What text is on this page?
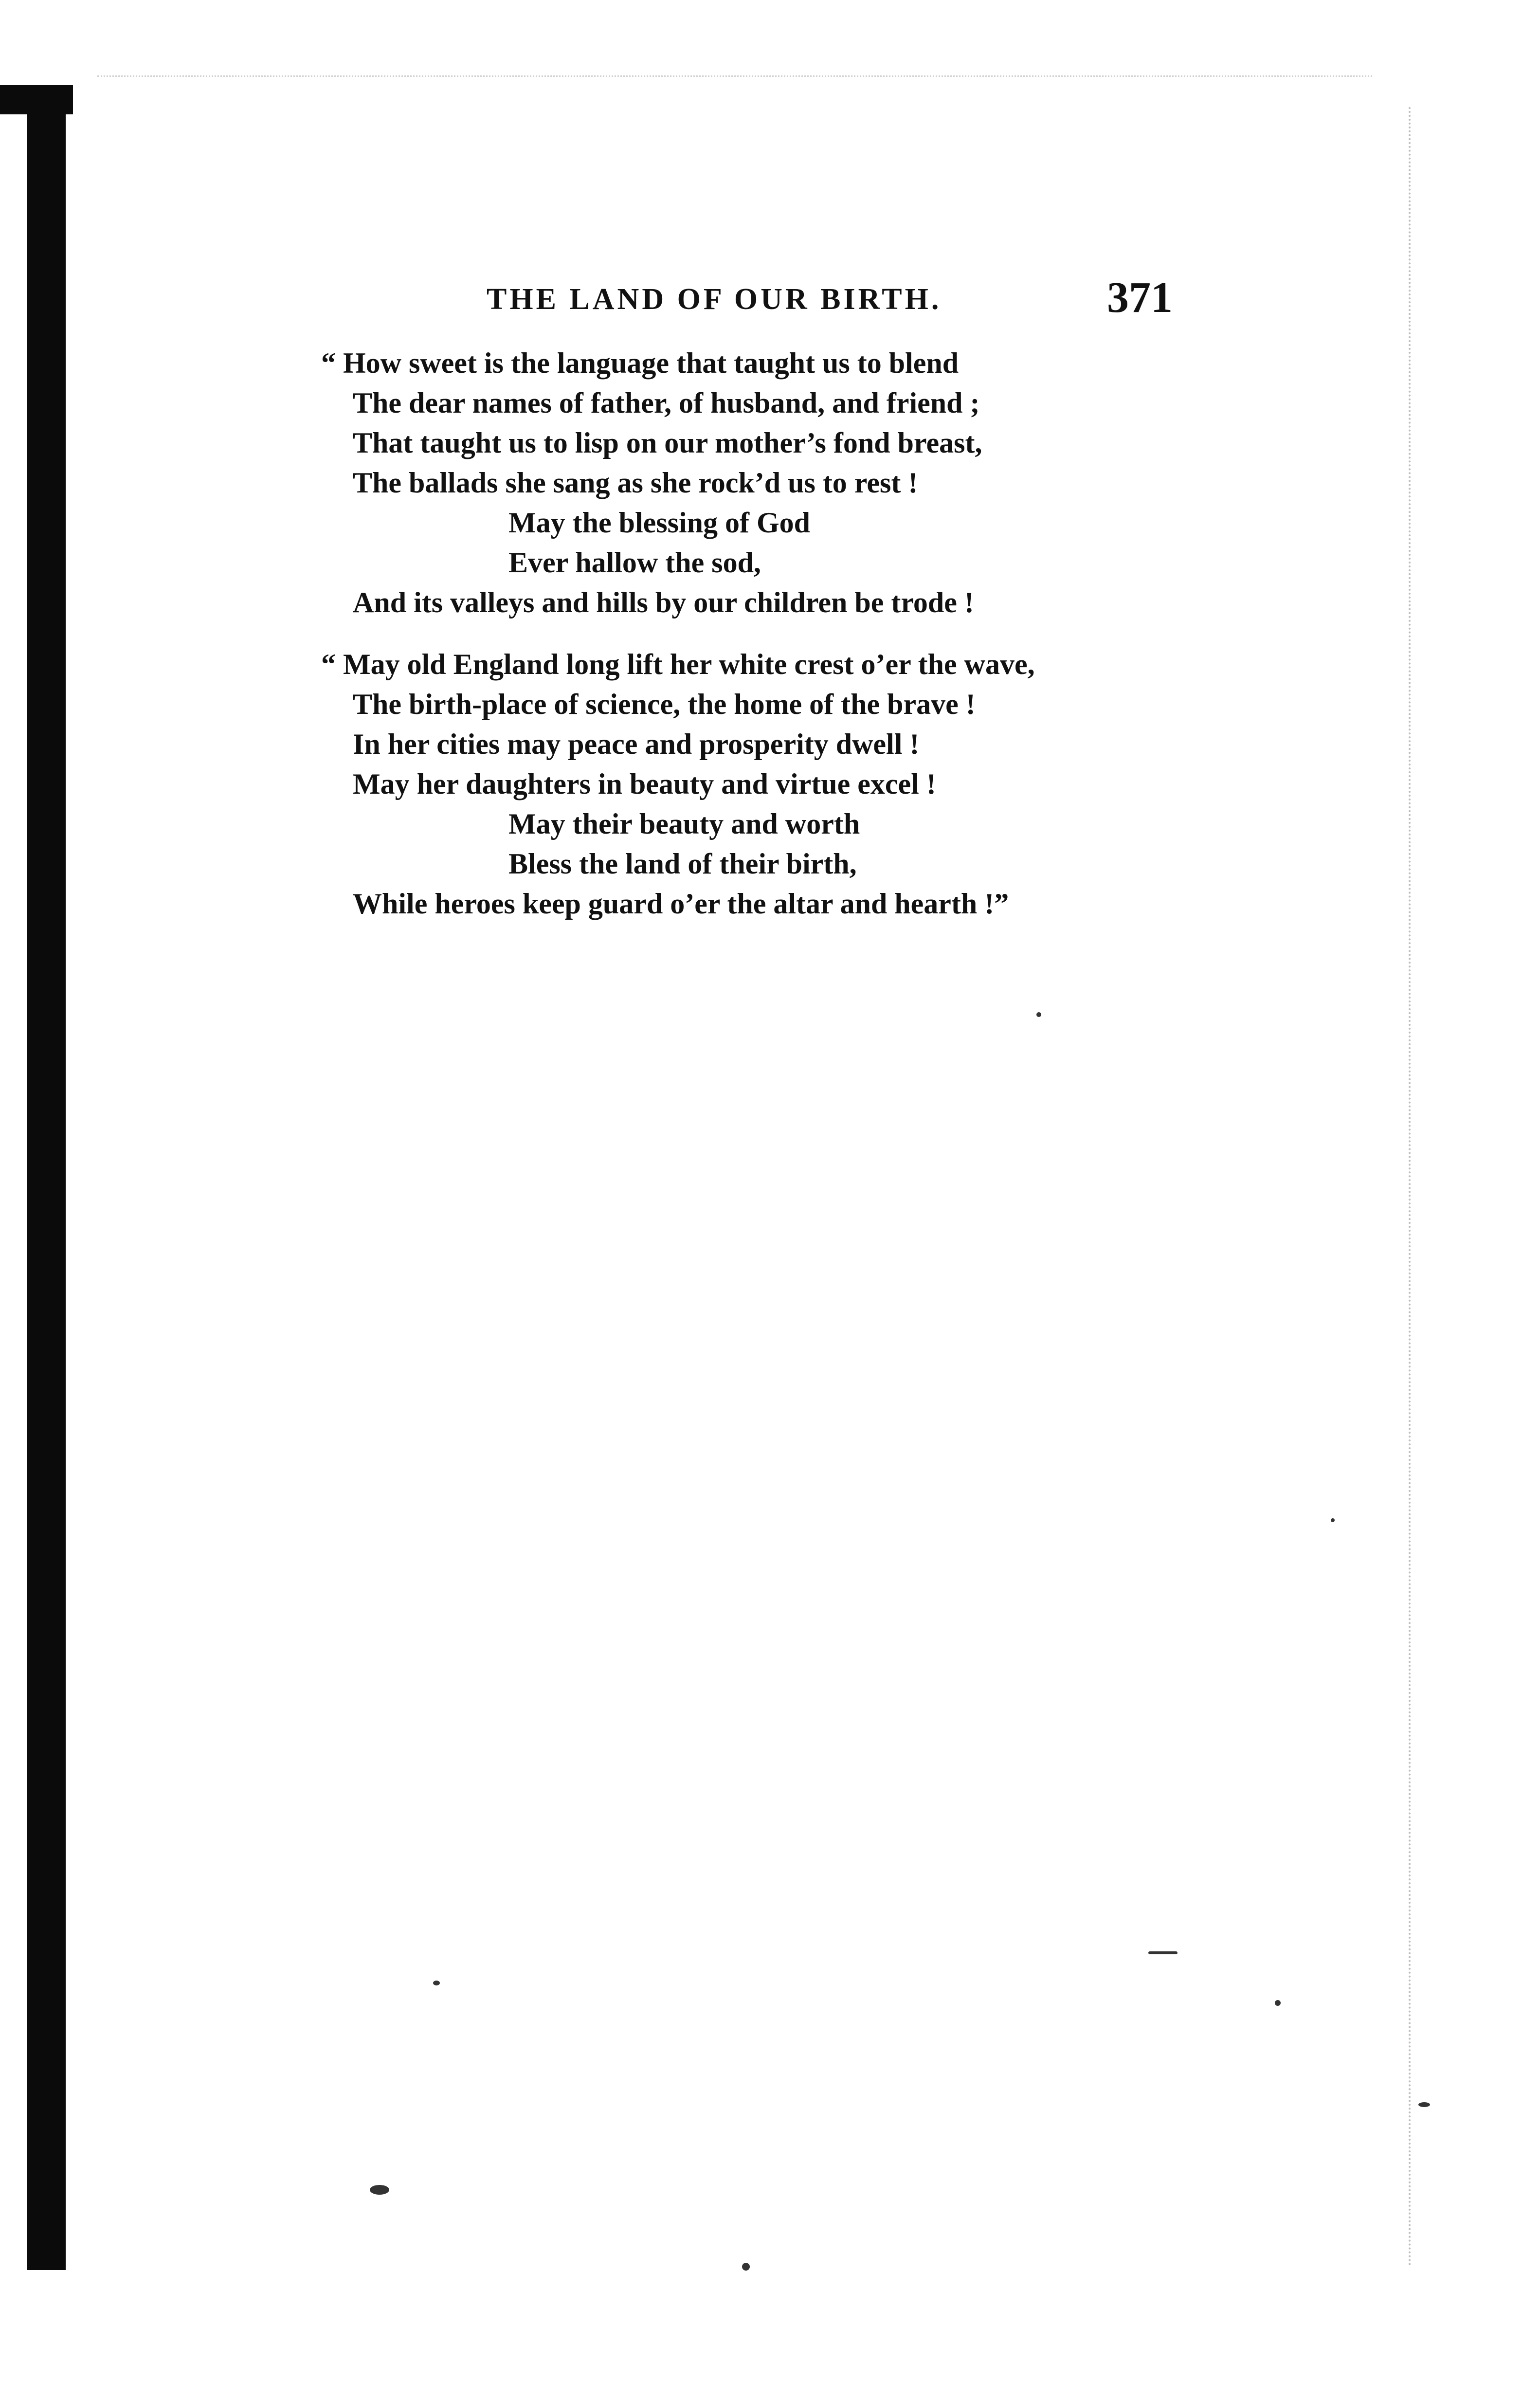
THE LAND OF OUR BIRTH.	371
“ How sweet is the language that taught us to blend
The dear names of father, of husband, and friend ;
That taught us to lisp on our mother’s fond breast,
The ballads she sang as she rock’d us to rest !
May the blessing of God
Ever hallow the sod,
And its valleys and hills by our children be trode !
“ May old England long lift her white crest o’er the wave,
The birth-place of science, the home of the brave !
In her cities may peace and prosperity dwell !
May her daughters in beauty and virtue excel !
May their beauty and worth
Bless the land of their birth,
While heroes keep guard o’er the altar and hearth !”
